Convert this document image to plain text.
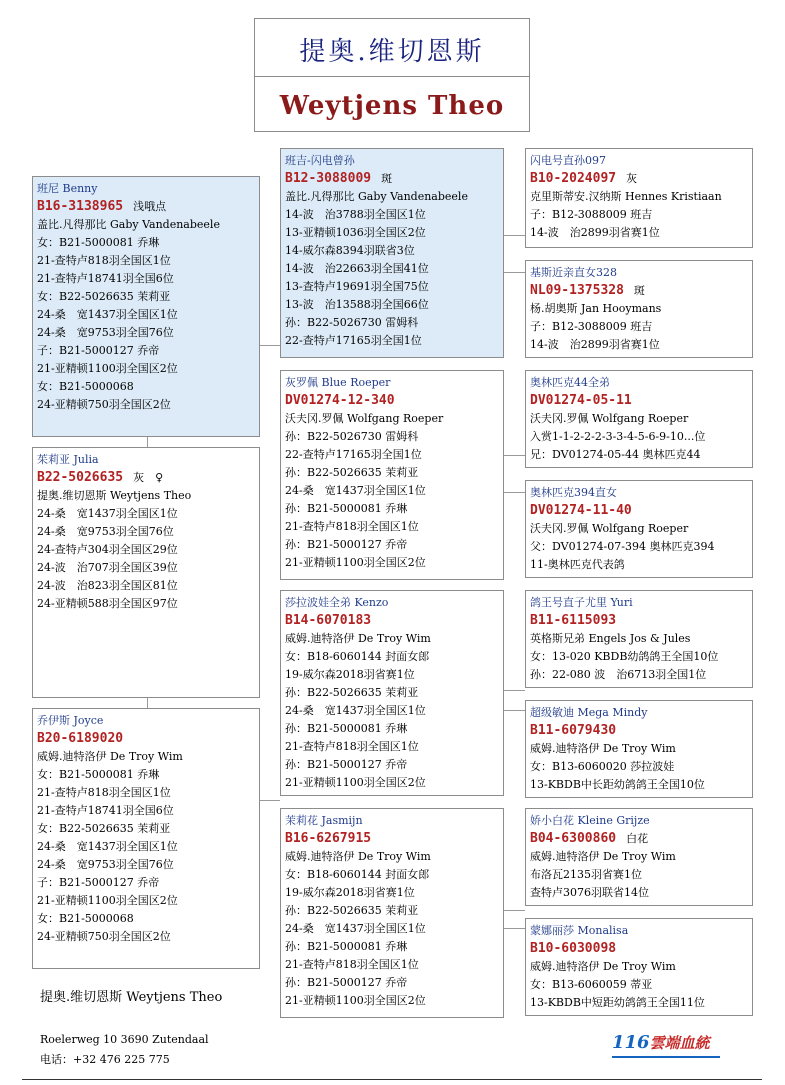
提奥.维切恩斯
Weytjens Theo
班尼 Benny
B16-3138965 浅哦点
盖比.凡得那比 Gaby Vandenabeele
女：B21-5000081 乔琳
21-查特卢818羽全国区1位
21-查特卢18741羽全国6位
女：B22-5026635 茉莉亚
24-桑　宽1437羽全国区1位
24-桑　宽9753羽全国76位
子：B21-5000127 乔帝
21-亚精顿1100羽全国区2位
女：B21-5000068
24-亚精顿750羽全国区2位
茱莉亚 Julia
B22-5026635 灰　♀
提奥.维切恩斯 Weytjens Theo
24-桑　宽1437羽全国区1位
24-桑　宽9753羽全国76位
24-查特卢304羽全国区29位
24-波　治707羽全国区39位
24-波　治823羽全国区81位
24-亚精顿588羽全国区97位
乔伊斯 Joyce
B20-6189020
威姆.迪特洛伊 De Troy Wim
女：B21-5000081 乔琳
21-查特卢818羽全国区1位
21-查特卢18741羽全国6位
女：B22-5026635 茉莉亚
24-桑　宽1437羽全国区1位
24-桑　宽9753羽全国76位
子：B21-5000127 乔帝
21-亚精顿1100羽全国区2位
女：B21-5000068
24-亚精顿750羽全国区2位
班吉-闪电曾孙
B12-3088009 斑
盖比.凡得那比 Gaby Vandenabeele
14-波　治3788羽全国区1位
13-亚精顿1036羽全国区2位
14-威尔森8394羽联省3位
14-波　治22663羽全国41位
13-查特卢19691羽全国75位
13-波　治13588羽全国66位
孙：B22-5026730 雷姆科
22-查特卢17165羽全国1位
灰罗佩 Blue Roeper
DV01274-12-340
沃夫冈.罗佩 Wolfgang Roeper
孙：B22-5026730 雷姆科
22-查特卢17165羽全国1位
孙：B22-5026635 茉莉亚
24-桑　宽1437羽全国区1位
孙：B21-5000081 乔琳
21-查特卢818羽全国区1位
孙：B21-5000127 乔帝
21-亚精顿1100羽全国区2位
莎拉波娃全弟 Kenzo
B14-6070183
威姆.迪特洛伊 De Troy Wim
女：B18-6060144 封面女郎
19-威尔森2018羽省赛1位
孙：B22-5026635 茉莉亚
24-桑　宽1437羽全国区1位
孙：B21-5000081 乔琳
21-查特卢818羽全国区1位
孙：B21-5000127 乔帝
21-亚精顿1100羽全国区2位
茉莉花 Jasmijn
B16-6267915
威姆.迪特洛伊 De Troy Wim
女：B18-6060144 封面女郎
19-威尔森2018羽省赛1位
孙：B22-5026635 茉莉亚
24-桑　宽1437羽全国区1位
孙：B21-5000081 乔琳
21-查特卢818羽全国区1位
孙：B21-5000127 乔帝
21-亚精顿1100羽全国区2位
闪电号直孙097
B10-2024097 灰
克里斯蒂安.汉纳斯 Hennes Kristiaan
子：B12-3088009 班吉
14-波　治2899羽省赛1位
基斯近亲直女328
NL09-1375328 斑
杨.胡奥斯 Jan Hooymans
子：B12-3088009 班吉
14-波　治2899羽省赛1位
奥林匹克44全弟
DV01274-05-11
沃夫冈.罗佩 Wolfgang Roeper
入赏1-1-2-2-2-3-3-4-5-6-9-10...位
兄：DV01274-05-44 奥林匹克44
奥林匹克394直女
DV01274-11-40
沃夫冈.罗佩 Wolfgang Roeper
父：DV01274-07-394 奥林匹克394
11-奥林匹克代表鸽
鸽王号直子尤里 Yuri
B11-6115093
英格斯兄弟 Engels Jos & Jules
女：13-020 KBDB幼鸽鸽王全国10位
孙：22-080 波　治6713羽全国1位
超级敏迪 Mega Mindy
B11-6079430
威姆.迪特洛伊 De Troy Wim
女：B13-6060020 莎拉波娃
13-KBDB中长距幼鸽鸽王全国10位
娇小白花 Kleine Grijze
B04-6300860 白花
威姆.迪特洛伊 De Troy Wim
布洛瓦2135羽省赛1位
查特卢3076羽联省14位
蒙娜丽莎 Monalisa
B10-6030098
威姆.迪特洛伊 De Troy Wim
女：B13-6060059 蒂亚
13-KBDB中短距幼鸽鸽王全国11位
提奥.维切恩斯 Weytjens Theo
Roelerweg 10 3690 Zutendaal
电话：+32 476 225 775
116雲端血統
